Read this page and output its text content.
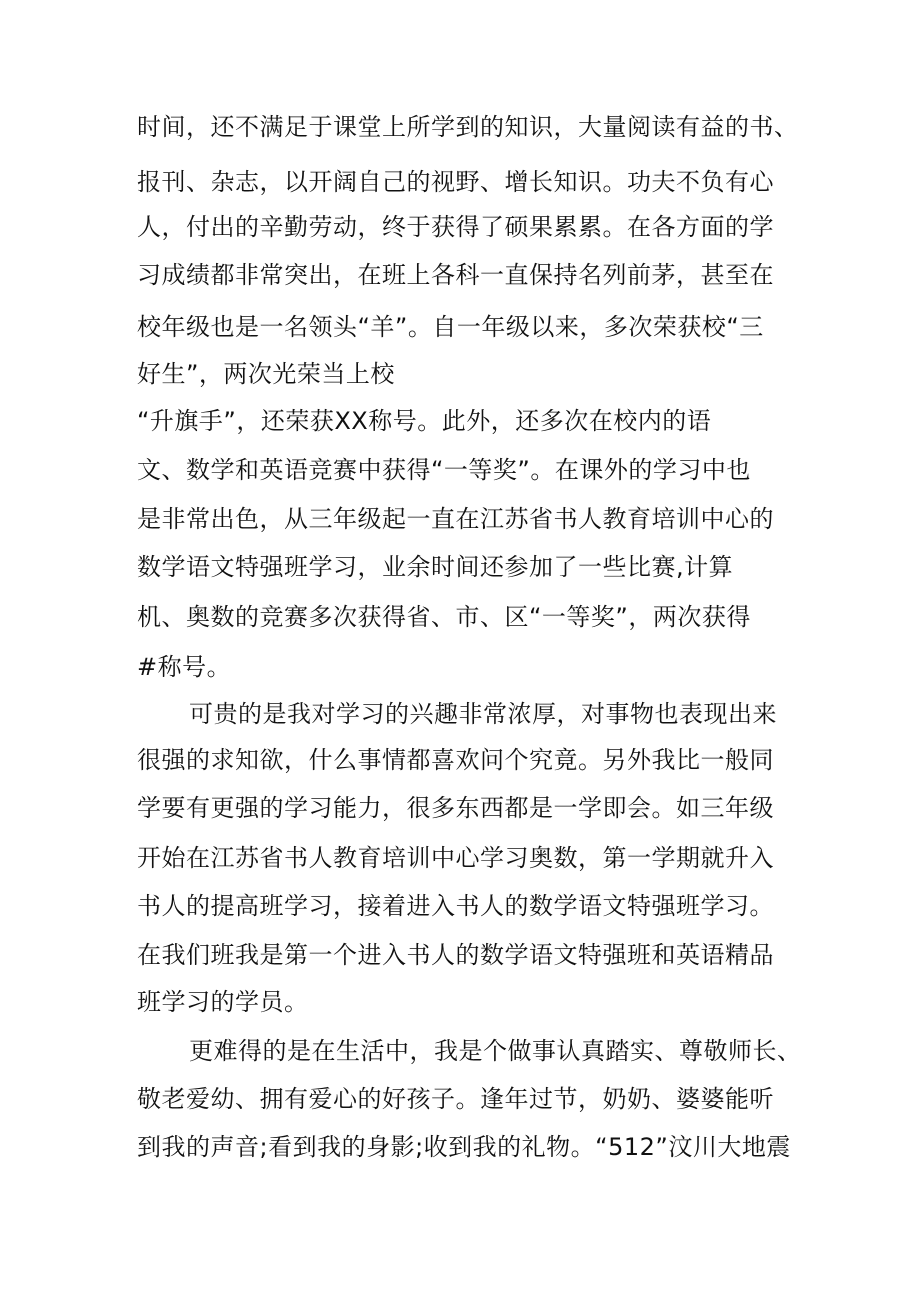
时间，还不满足于课堂上所学到的知识，大量阅读有益的书、
报刊、杂志，以开阔自己的视野、增长知识。功夫不负有心
人，付出的辛勤劳动，终于获得了硕果累累。在各方面的学
习成绩都非常突出，在班上各科一直保持名列前茅，甚至在
校年级也是一名领头“羊”。自一年级以来，多次荣获校“三
好生”，两次光荣当上校
“升旗手”，还荣获XX称号。此外，还多次在校内的语
文、数学和英语竞赛中获得“一等奖”。在课外的学习中也
是非常出色，从三年级起一直在江苏省书人教育培训中心的
数学语文特强班学习，业余时间还参加了一些比赛,计算
机、奥数的竞赛多次获得省、市、区“一等奖”，两次获得
#称号。
可贵的是我对学习的兴趣非常浓厚，对事物也表现出来
很强的求知欲，什么事情都喜欢问个究竟。另外我比一般同
学要有更强的学习能力，很多东西都是一学即会。如三年级
开始在江苏省书人教育培训中心学习奥数，第一学期就升入
书人的提高班学习，接着进入书人的数学语文特强班学习。
在我们班我是第一个进入书人的数学语文特强班和英语精品
班学习的学员。
更难得的是在生活中，我是个做事认真踏实、尊敬师长、
敬老爱幼、拥有爱心的好孩子。逢年过节，奶奶、婆婆能听
到我的声音;看到我的身影;收到我的礼物。“512”汶川大地震
